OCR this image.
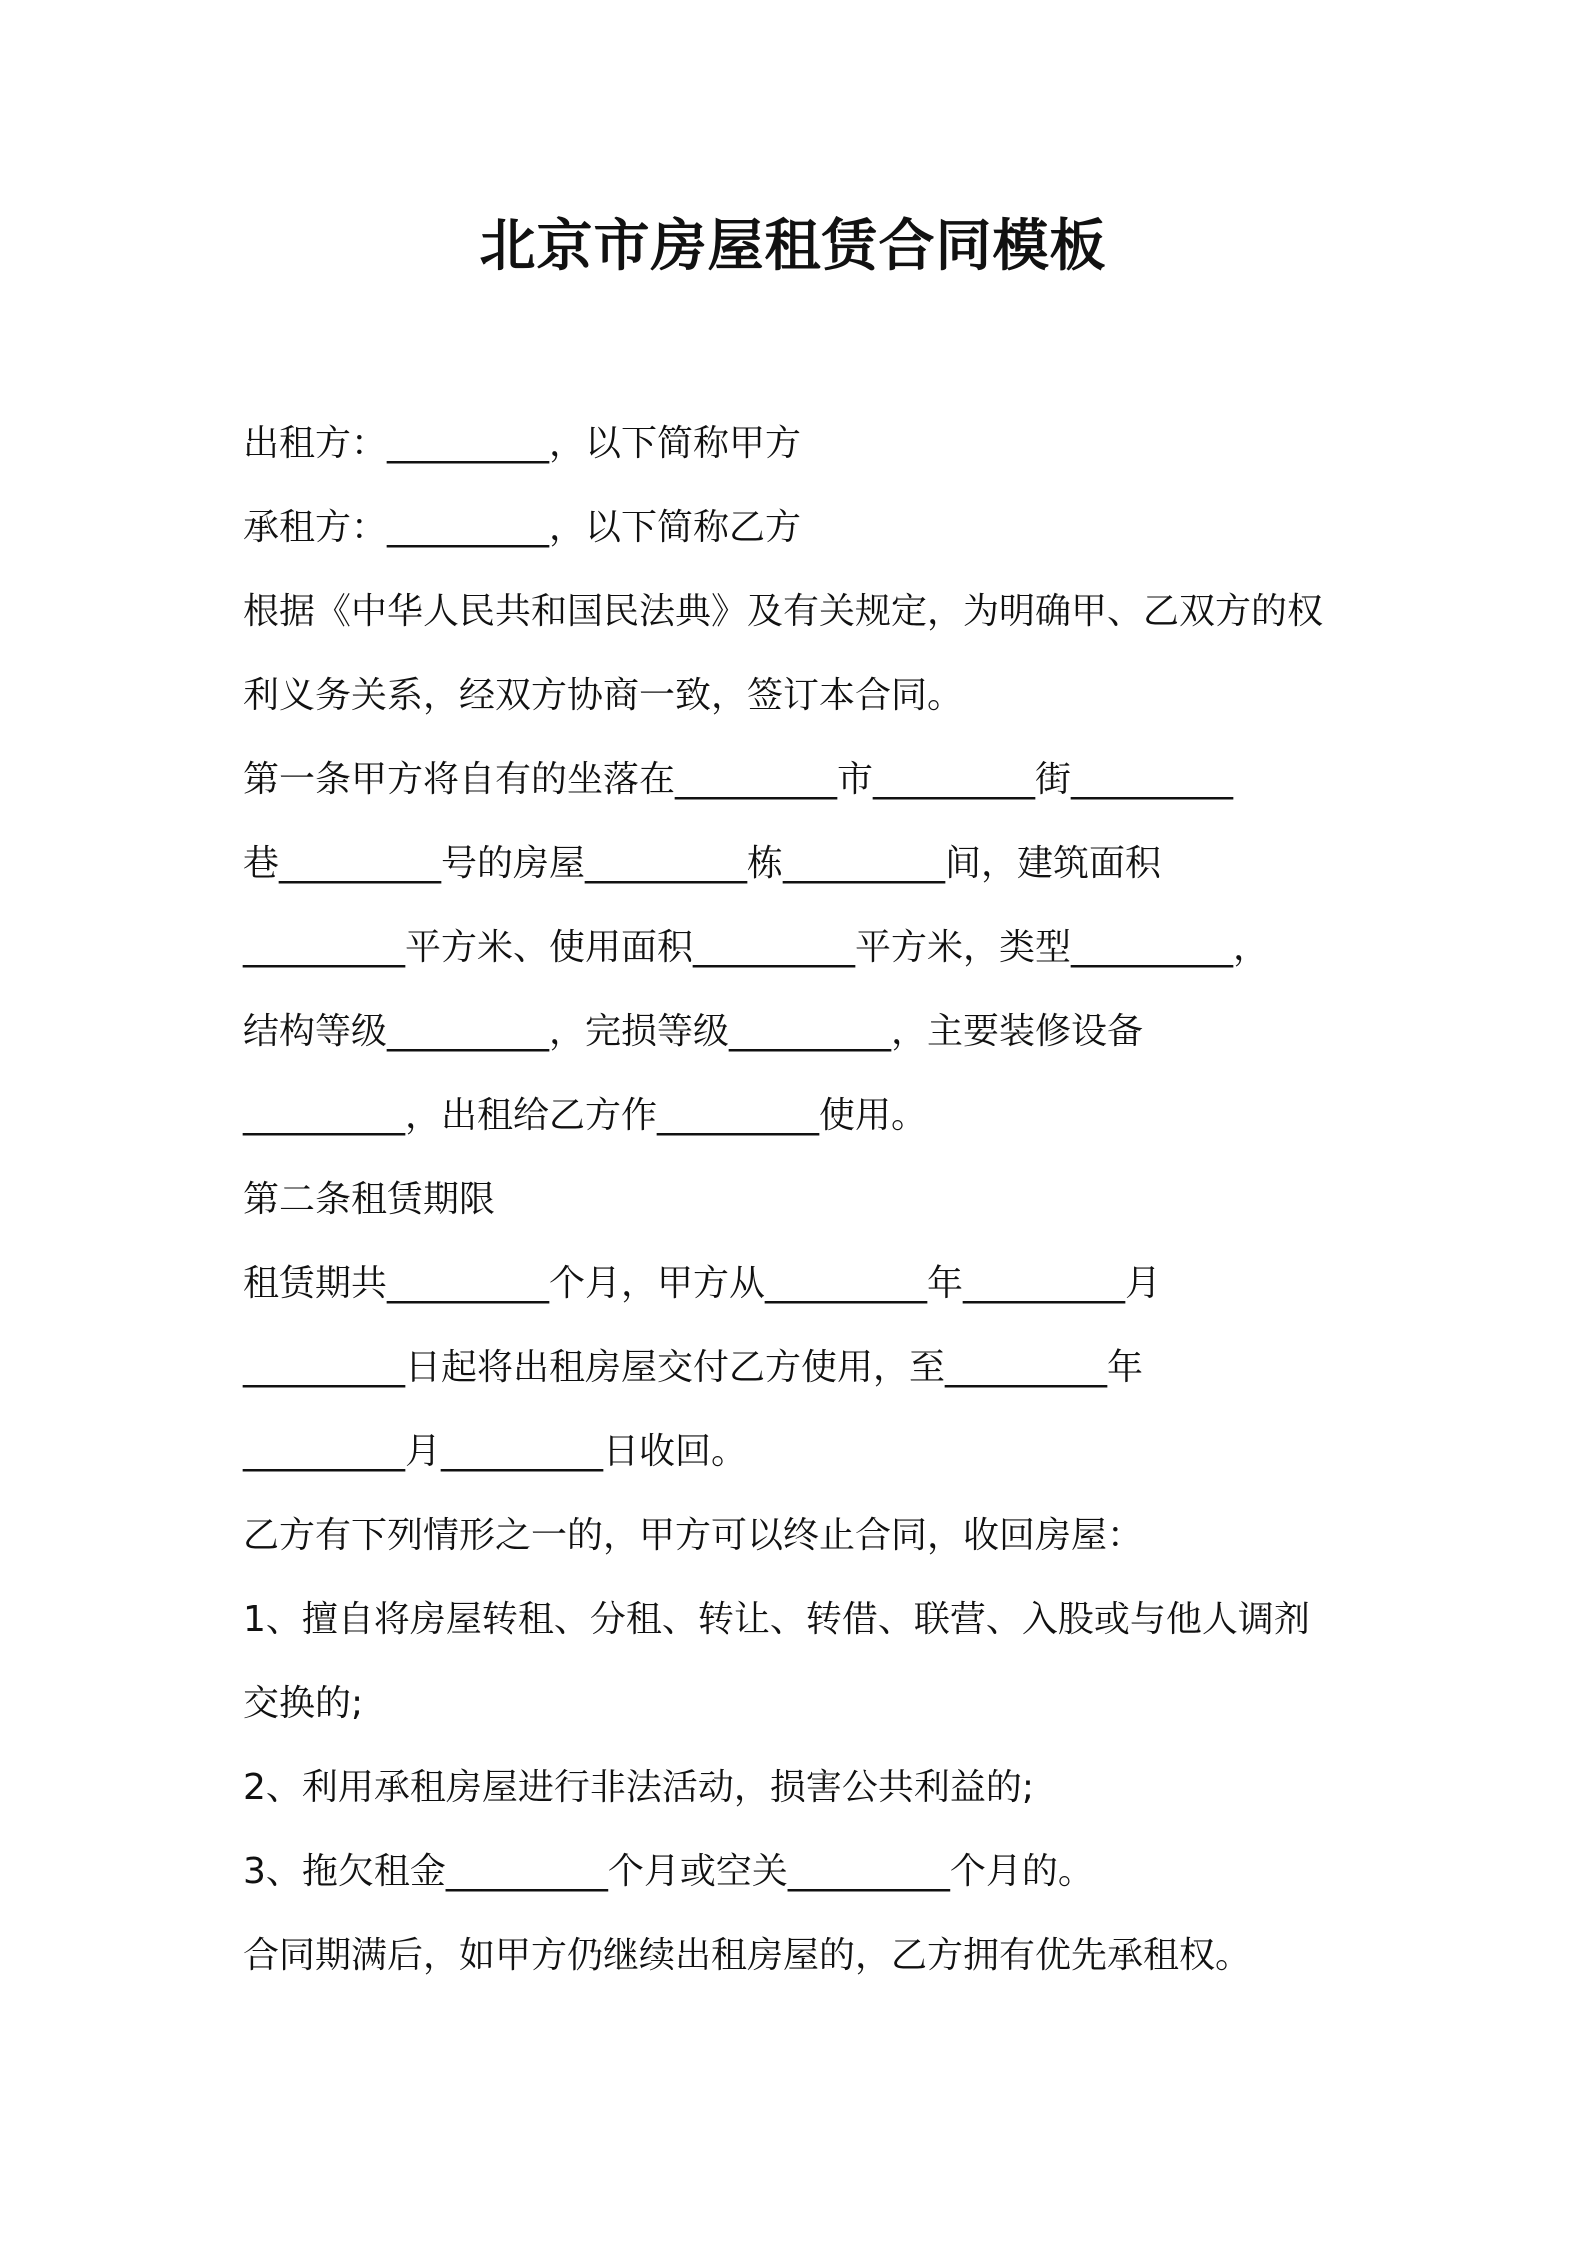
北京市房屋租赁合同模板
出租方：_________，以下简称甲方
承租方：_________，以下简称乙方
根据《中华人民共和国民法典》及有关规定，为明确甲、乙双方的权
利义务关系，经双方协商一致，签订本合同。
第一条甲方将自有的坐落在_________市_________街_________
巷_________号的房屋_________栋_________间，建筑面积
_________平方米、使用面积_________平方米，类型_________，
结构等级_________，完损等级_________，主要装修设备
_________，出租给乙方作_________使用。
第二条租赁期限
租赁期共_________个月，甲方从_________年_________月
_________日起将出租房屋交付乙方使用，至_________年
_________月_________日收回。
乙方有下列情形之一的，甲方可以终止合同，收回房屋：
1、擅自将房屋转租、分租、转让、转借、联营、入股或与他人调剂
交换的;
2、利用承租房屋进行非法活动，损害公共利益的;
3、拖欠租金_________个月或空关_________个月的。
合同期满后，如甲方仍继续出租房屋的，乙方拥有优先承租权。
